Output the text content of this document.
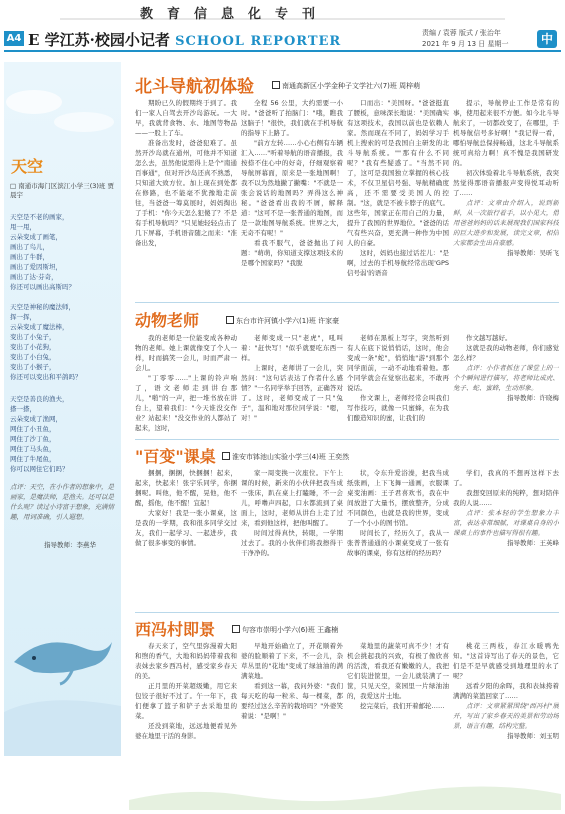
教育信息化专刊
A4 E 学江苏·校园小记者 SCHOOL REPORTER
责编 / 袁蓉 版式 / 张治年
2021 年 9 月 13 日 星期一	中
天空
□ 南通市海门区滨江小学三(3)班 贾晨宇
天空是不老的画家，
甩一甩，
云朵变成了画笔，
画出了鸟儿，
画出了牛群，
画出了爱因斯坦，
画出了达·芬奇，
你还可以画出高斯吗？
天空是神秘的魔法师，
挥一挥，
云朵变成了魔法棒，
变出了小兔子，
变出了小花狗，
变出了小白兔，
变出了小猴子，
你还可以变出和平鸽吗？
天空是善良的渔夫，
搽一搽，
云朵变成了渔网，
网住了小丑鱼，
网住了沙丁鱼，
网住了马头鱼，
网住了牛尾鱼，
你可以网住它们吗？
点评：天空，在小作者的想象中，是画家，是魔法师，是渔夫。还可以是什么呢？读过小诗富于想象，充满情趣，用词准确，引人遐想。
指导教师：李燕华
北斗导航初体验	南通高新区小学金种子文学社六(7)班 周梓萌

期盼已久的假期终于到了。我们一家人自驾去开沙岛游玩。一大早，我就背食物、水、地图等物品——一股上了车。

准备出发时，爸爸犯难了。虽然开沙岛就在通州，可他并不知道怎么去，虽然他说需得上是个"南通百事通"，但对开沙岛还真不熟悉，只知道大致方位。加上现在到处都在修路，也不能毫不犹豫地走前往，当爸爸一筹莫展时，妈妈掏出了手机："你今天怎么犯傻了？不是有手机导航吗？"只见她轻轻点击了几下屏幕，手机语音随之而来："准备出发，

全程 56 公里，大约需要一小时。"爸爸听了拍脑门："哦，瞧我这脑子！"很快，我们就在手机导航的指导下上路了。

"前方左转……小心右侧有车辆汇入……"听着导航的语音播报，我按捺不住心中的好奇，仔细观察着导航屏幕面，原来是一张地图啊！我不以为然地撇了撇嘴："不就是一张会说话的地图吗？弄得这么神秘。"爸爸看出我的不屑，解释道："这可不是一张普通的地图，而是一款地图导航系统。世界之大，无奇不有呢！"

看我不服气，爸爸抛出了问题："萌萌，你知道支撑这项技术的是哪个国家吗？"我脱

口而出："美国呀。"爸爸挺直了腰板，意味深长地说："美国确实有这项技术，我国以前也是依赖人家。然而现在不同了，妈妈学习手机上搜索的可是我国自主研发的北斗导航系统。""那有什么不同呢？"我有些疑惑了。"当然不同了，这可是我国独立掌握的核心技术，不仅卫星信号强、导航精确度高，还不需要受美国人的控制。"这，就是不被卡脖子的底气。这些年，国家正在用自己的力量，提升了我国的世界地位。"爸爸的话气有些兴奋，更充满一种作为中国人的自豪。

这时，妈妈也接过话茬儿："是啊，过去的手机导航经常出现'GPS 信号弱'的语音

提示，导航停止工作是常有的事，使用起来很不方便。如今北斗导航来了，一切都改变了，在哪里，手机导航信号多好啊！"我记得一看，哪怕导航总保持畅通，这北斗导航系统可真给力啊！真不愧是我国研发的。

初次体验着北斗导航系统，我突然觉得那语音播报声变得悦耳动听了……

点评：文章由介绍入，说到新鲜，从一次旅行着手，以小见大，借用爸爸妈妈的话来展现我们国家科技的巨大进步和发展，读完文章，相信大家都会生出自豪感。

指导教师：吴昕飞

动物老师	东台市许河镇小学六(1)班 许家豪

我的老师是一位能变成各种动物的老师。她上课就像变了个人一样，时而搞笑一会儿，时而严肃一会儿。

"丁零零……"上课的铃声响了，语文老师走到讲台那儿，"啪"的一声，把一堆书放在讲台上，望着我们："今天谁没交作业？站起来！"没交作业的人都站了起来，这时，

老师变成一只"老虎"，吼叫着："赶快写！"似乎就要吃东西一样。

上课时，老师讲了一会儿，突然问："这句话表达了作者什么感情？"一名同学举手回答，正确答对了。这时，老师变成了一只"兔子"，温和地对那位同学说："嗯，对！"

老师在黑板上写字，突然听到有人在底下说悄悄话，这时，他会变成一条"蛇"，悄悄地"游"到那个同学面前，一动不动地看着他。那个同学就会在觉察出起来，不敢再说话。

作文课上，老师经常会叫我们写作技巧，就像一只蜜蜂，在为我们酿造知识的蜜，让我们的

作文越写越好。

这就是我的动物老师，你们感觉怎么样？

点评：小作者抓住了课堂上的一个个瞬间进行描写，将老师比成虎、兔子、蛇、蜜蜂，生动形象。

指导教师：许晓梅

"百变"课桌	淮安市钵池山实验小学三(4)班 王奕然

捆捆，捆捆，快捆捆！起来，起来，快起来！张宇乐同学，你捆捆呢。叫他，他不醒，晃他，他不醒，摇他，他不醒！宜起！

大家好！我是一张小课桌，这是我的一学期，我和很多同学交过友，我们一起学习、一起进步，我做了很多事变的事情。

家一周变换一次座位。下午上课的时候，新来的小伙伴把我当成一张床，趴在桌上打瞌睡，不一会儿，呼噜声四起，口水都流到了桌面上，这时，老师从讲台上走了过来，看到他这样，把他叫醒了。

时间过得真快，转眼，一学期过去了。我的小伙伴们将我擦得干干净净的。

状，令东升爱浴澡，把我当成纸张画，上下飞舞一通画，衣服课桌变油画：王子君喜欢书，我在中间放进了大量书，摆放整齐，分成不同颜色，也就是我的世界，变成了一个小小的图书馆。

时间长了，经历久了，我从一张普普通通的小课桌变成了一张有故事的课桌，你有这样的经历吗？

学们，我真的不想再这样下去了。

我想变回原来的纯粹，想对陪伴我的人说……

点评：张本轻的学生想象力丰富，表达非常细腻，对课桌自身的小课桌上的事件也描写得很有趣。

指导教师：王英峰

西冯村即景	句容市崇明小学六(6)班 王鑫楠

春天来了，空气里弥漫着大阳和煦的香气，大地和妈妈带着我和表妹去家乡西冯村，感受家乡春天的美。

正月里的开菜超级嫩，用它来包饺子很好不过了。午一年下，我们便拿了篮子和铲子去采地里的菜。

还没到菜地，远远地便看见外婆在地里干活的身影。

早地开始确立了，开花顺着外婆的脸顺着了下来，不一会儿，杂草丛里的"花地"变成了绿油油的满满菜地。

看到这一幕，我问外婆："我们每天吃的每一粒米、每一棵菜，都要经过这么辛苦的栽培吗？"外婆笑着说："是啊！"

菜地里的蔬菜可真不少！才有机会挑起我的兴致，有极了像欣喜的活泼，看我还有嫩嫩的人，我把它们装进筐里，一会儿就装满了一筐，只见天空，菜园里一片绿油油的，我爱这片土地。

挖完菜后，我们开着邮轮……

桃花三两枝，春江水暖鸭先知。"这首诗写出了春天的景色，它们是不是早就感受到地理里的水了呢？

远看夕阳的余晖，我和表妹挎着满满的菜篮回家了……

点评：文章紧紧围绕"西冯村"展开，写出了家乡春天的美景和劳动场景，语言有趣，结构完整。

指导教师：刘玉明
